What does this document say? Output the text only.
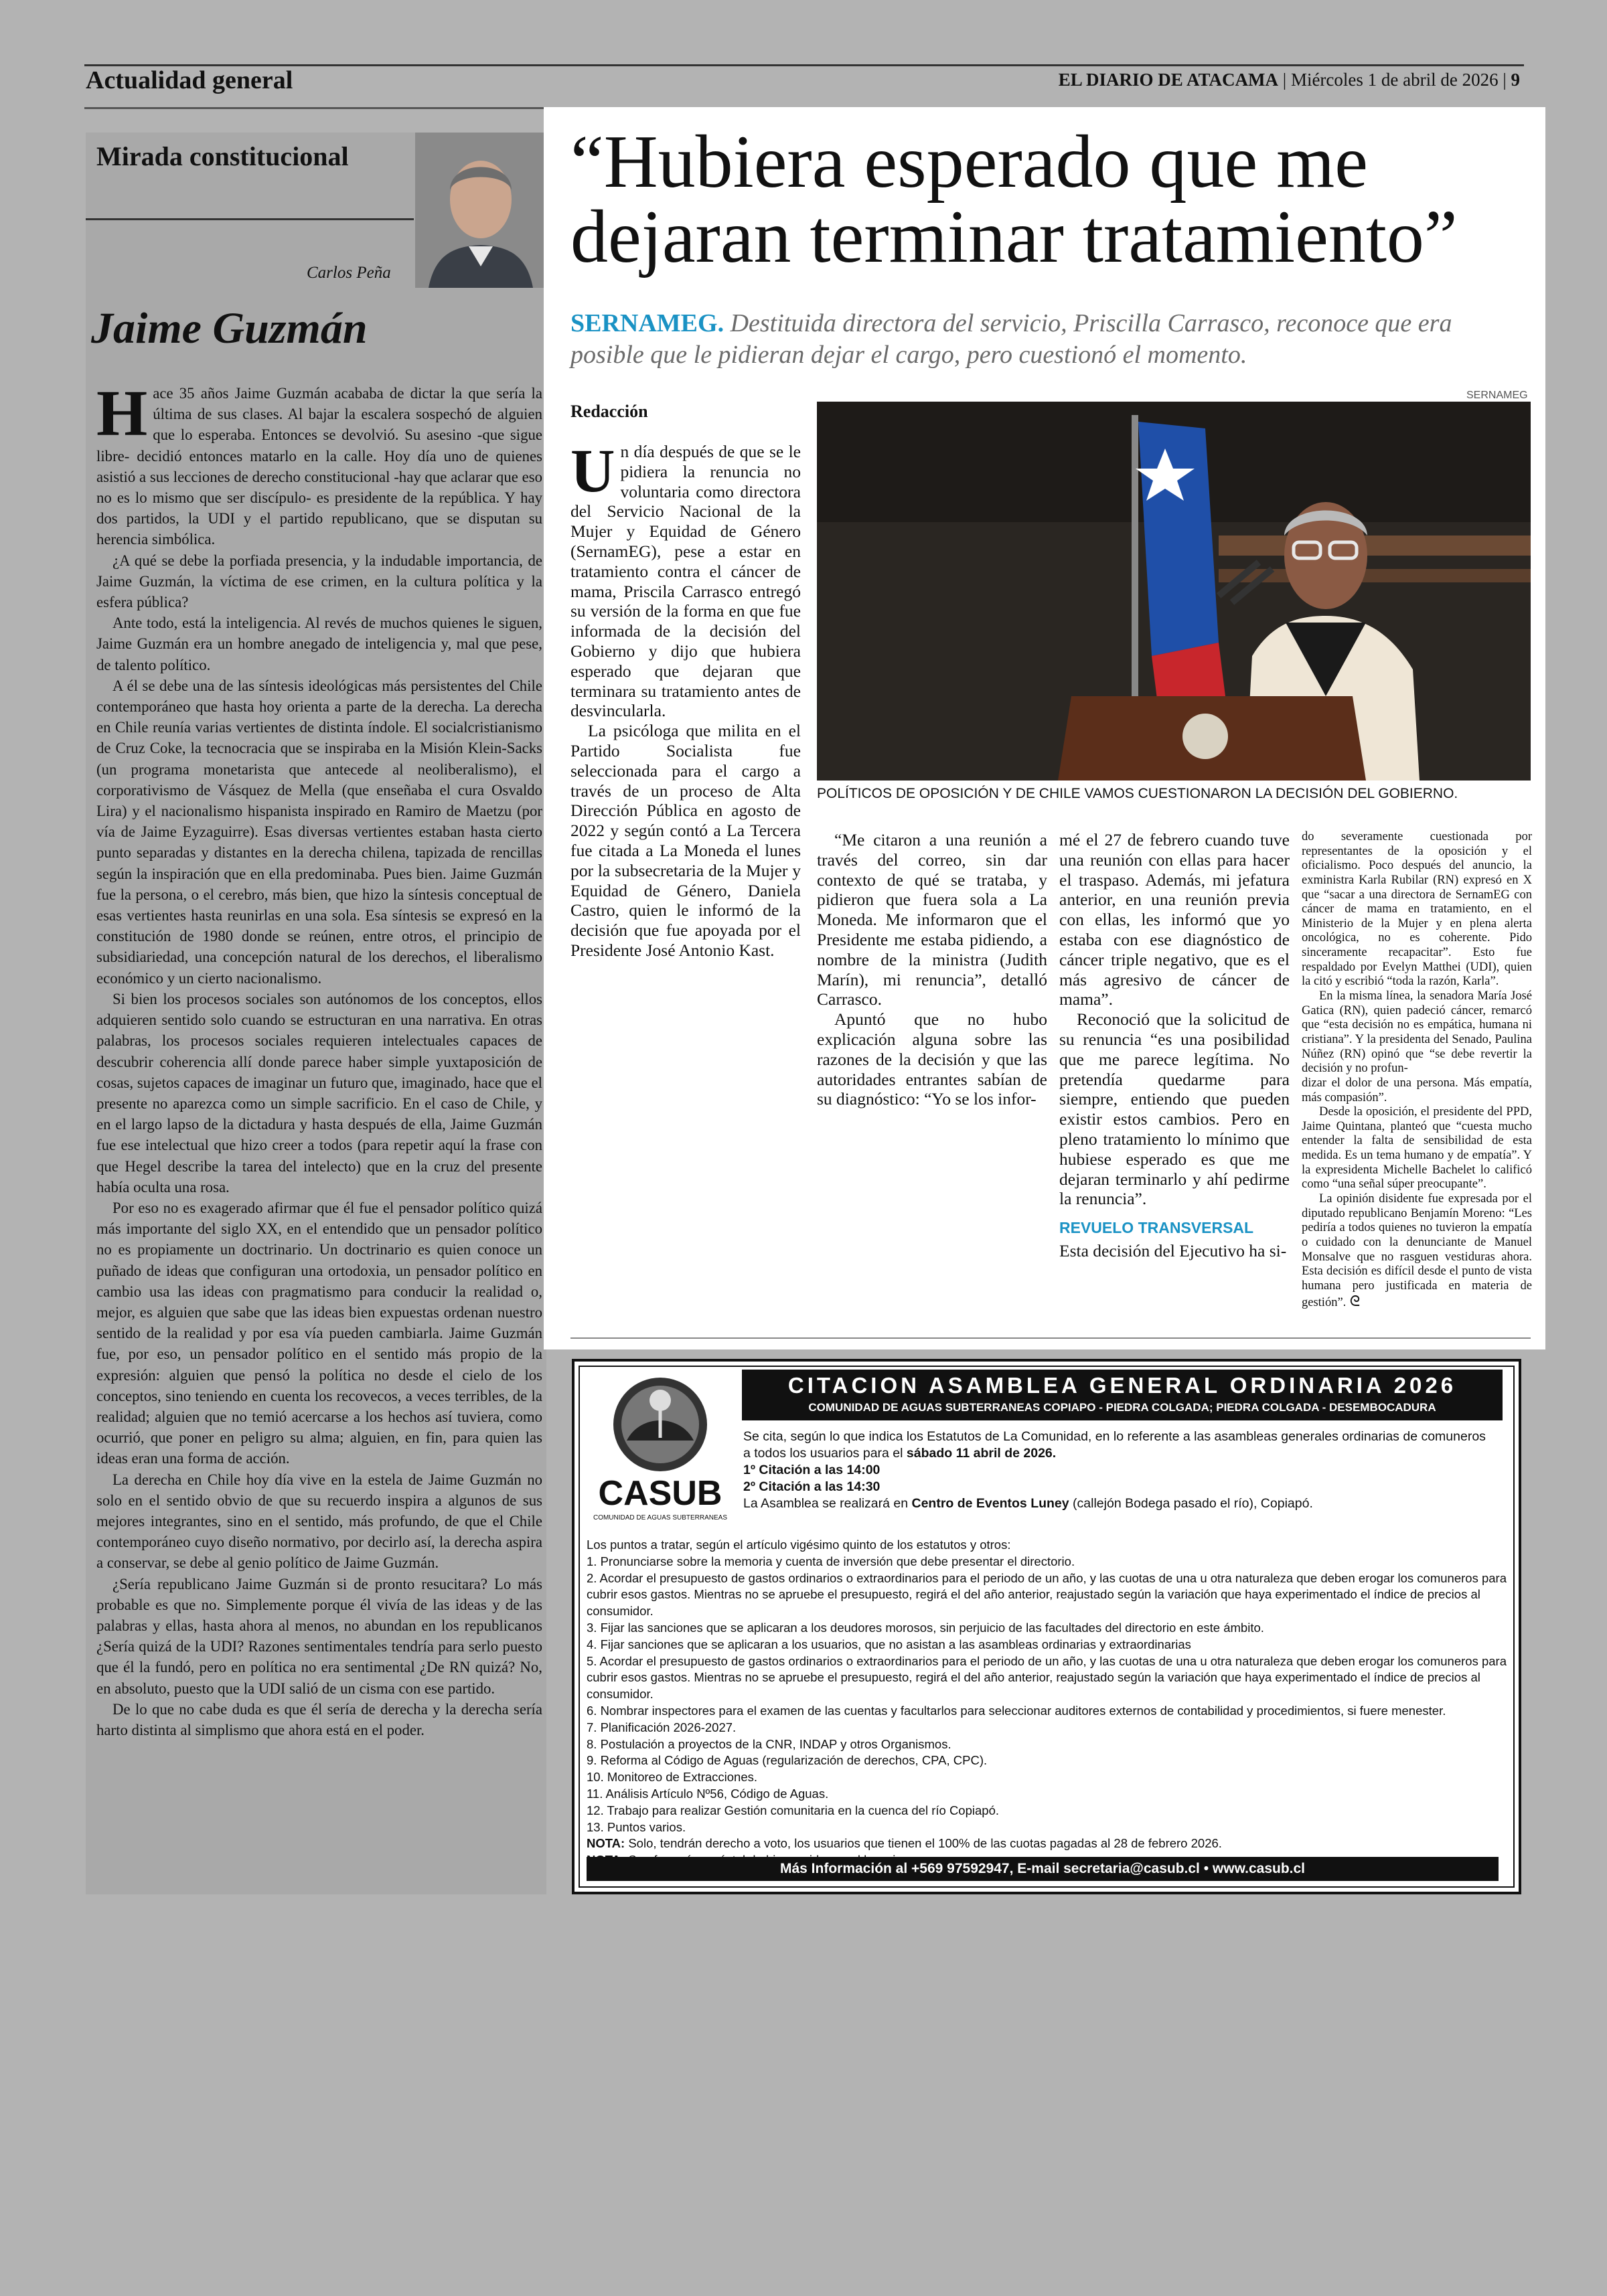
Actualidad general	EL DIARIO DE ATACAMA | Miércoles 1 de abril de 2026 | 9
Mirada constitucional
Carlos Peña
Jaime Guzmán

Hace 35 años Jaime Guzmán acababa de dictar la que sería la última de sus clases. Al bajar la escalera sospechó de alguien que lo esperaba. Entonces se devolvió. Su asesino -que sigue libre- decidió entonces matarlo en la calle. Hoy día uno de quienes asistió a sus lecciones de derecho constitucional -hay que aclarar que eso no es lo mismo que ser discípulo- es presidente de la república. Y hay dos partidos, la UDI y el partido republicano, que se disputan su herencia simbólica.

¿A qué se debe la porfiada presencia, y la indudable importancia, de Jaime Guzmán, la víctima de ese crimen, en la cultura política y la esfera pública?

Ante todo, está la inteligencia. Al revés de muchos quienes le siguen, Jaime Guzmán era un hombre anegado de inteligencia y, mal que pese, de talento político.

A él se debe una de las síntesis ideológicas más persistentes del Chile contemporáneo que hasta hoy orienta a parte de la derecha. La derecha en Chile reunía varias vertientes de distinta índole. El socialcristianismo de Cruz Coke, la tecnocracia que se inspiraba en la Misión Klein-Sacks (un programa monetarista que antecede al neoliberalismo), el corporativismo de Vásquez de Mella (que enseñaba el cura Osvaldo Lira) y el nacionalismo hispanista inspirado en Ramiro de Maetzu (por vía de Jaime Eyzaguirre). Esas diversas vertientes estaban hasta cierto punto separadas y distantes en la derecha chilena, tapizada de rencillas según la inspiración que en ella predominaba. Pues bien. Jaime Guzmán fue la persona, o el cerebro, más bien, que hizo la síntesis conceptual de esas vertientes hasta reunirlas en una sola. Esa síntesis se expresó en la constitución de 1980 donde se reúnen, entre otros, el principio de subsidiariedad, una concepción natural de los derechos, el liberalismo económico y un cierto nacionalismo.

Si bien los procesos sociales son autónomos de los conceptos, ellos adquieren sentido solo cuando se estructuran en una narrativa. En otras palabras, los procesos sociales requieren intelectuales capaces de descubrir coherencia allí donde parece haber simple yuxtaposición de cosas, sujetos capaces de imaginar un futuro que, imaginado, hace que el presente no aparezca como un simple sacrificio. En el caso de Chile, y en el largo lapso de la dictadura y hasta después de ella, Jaime Guzmán fue ese intelectual que hizo creer a todos (para repetir aquí la frase con que Hegel describe la tarea del intelecto) que en la cruz del presente había oculta una rosa.

Por eso no es exagerado afirmar que él fue el pensador político quizá más importante del siglo XX, en el entendido que un pensador político no es propiamente un doctrinario. Un doctrinario es quien conoce un puñado de ideas que configuran una ortodoxia, un pensador político en cambio usa las ideas con pragmatismo para conducir la realidad o, mejor, es alguien que sabe que las ideas bien expuestas ordenan nuestro sentido de la realidad y por esa vía pueden cambiarla. Jaime Guzmán fue, por eso, un pensador político en el sentido más propio de la expresión: alguien que pensó la política no desde el cielo de los conceptos, sino teniendo en cuenta los recovecos, a veces terribles, de la realidad; alguien que no temió acercarse a los hechos así tuviera, como ocurrió, que poner en peligro su alma; alguien, en fin, para quien las ideas eran una forma de acción.

La derecha en Chile hoy día vive en la estela de Jaime Guzmán no solo en el sentido obvio de que su recuerdo inspira a algunos de sus mejores integrantes, sino en el sentido, más profundo, de que el Chile contemporáneo cuyo diseño normativo, por decirlo así, la derecha aspira a conservar, se debe al genio político de Jaime Guzmán.

¿Sería republicano Jaime Guzmán si de pronto resucitara? Lo más probable es que no. Simplemente porque él vivía de las ideas y de las palabras y ellas, hasta ahora al menos, no abundan en los republicanos ¿Sería quizá de la UDI? Razones sentimentales tendría para serlo puesto que él la fundó, pero en política no era sentimental ¿De RN quizá? No, en absoluto, puesto que la UDI salió de un cisma con ese partido.

De lo que no cabe duda es que él sería de derecha y la derecha sería harto distinta al simplismo que ahora está en el poder.

“Hubiera esperado que me dejaran terminar tratamiento”
SERNAMEG. Destituida directora del servicio, Priscilla Carrasco, reconoce que era posible que le pidieran dejar el cargo, pero cuestionó el momento.
Redacción
SERNAMEG
POLÍTICOS DE OPOSICIÓN Y DE CHILE VAMOS CUESTIONARON LA DECISIÓN DEL GOBIERNO.

Un día después de que se le pidiera la renuncia no voluntaria como directora del Servicio Nacional de la Mujer y Equidad de Género (SernamEG), pese a estar en tratamiento contra el cáncer de mama, Priscila Carrasco entregó su versión de la forma en que fue informada de la decisión del Gobierno y dijo que hubiera esperado que dejaran que terminara su tratamiento antes de desvincularla.

La psicóloga que milita en el Partido Socialista fue seleccionada para el cargo a través de un proceso de Alta Dirección Pública en agosto de 2022 y según contó a La Tercera fue citada a La Moneda el lunes por la subsecretaria de la Mujer y Equidad de Género, Daniela Castro, quien le informó de la decisión que fue apoyada por el Presidente José Antonio Kast.

“Me citaron a una reunión a través del correo, sin dar contexto de qué se trataba, y pidieron que fuera sola a La Moneda. Me informaron que el Presidente me estaba pidiendo, a nombre de la ministra (Judith Marín), mi renuncia”, detalló Carrasco.

Apuntó que no hubo explicación alguna sobre las razones de la decisión y que las autoridades entrantes sabían de su diagnóstico: “Yo se los infor-

mé el 27 de febrero cuando tuve una reunión con ellas para hacer el traspaso. Además, mi jefatura anterior, en una reunión previa con ellas, les informó que yo estaba con ese diagnóstico de cáncer triple negativo, que es el más agresivo de cáncer de mama”.

Reconoció que la solicitud de su renuncia “es una posibilidad que me parece legítima. No pretendía quedarme para siempre, entiendo que pueden existir estos cambios. Pero en pleno tratamiento lo mínimo que hubiese esperado es que me dejaran terminarlo y ahí pedirme la renuncia”.

REVUELO TRANSVERSAL

Esta decisión del Ejecutivo ha si-

do severamente cuestionada por representantes de la oposición y el oficialismo. Poco después del anuncio, la exministra Karla Rubilar (RN) expresó en X que “sacar a una directora de SernamEG con cáncer de mama en tratamiento, en el Ministerio de la Mujer y en plena alerta oncológica, no es coherente. Pido sinceramente recapacitar”. Esto fue respaldado por Evelyn Matthei (UDI), quien la citó y escribió “toda la razón, Karla”.

En la misma línea, la senadora María José Gatica (RN), quien padeció cáncer, remarcó que “esta decisión no es empática, humana ni cristiana”. Y la presidenta del Senado, Paulina Núñez (RN) opinó que “se debe revertir la decisión y no profun-

dizar el dolor de una persona. Más empatía, más compasión”.

Desde la oposición, el presidente del PPD, Jaime Quintana, planteó que “cuesta mucho entender la falta de sensibilidad de esta medida. Es un tema humano y de empatía”. Y la expresidenta Michelle Bachelet lo calificó como “una señal súper preocupante”.

La opinión disidente fue expresada por el diputado republicano Benjamín Moreno: “Les pediría a todos quienes no tuvieron la empatía o cuidado con la denunciante de Manuel Monsalve que no rasguen vestiduras ahora. Esta decisión es difícil desde el punto de vista humana pero justificada en materia de gestión”. ᘓ

CASUB
COMUNIDAD DE AGUAS SUBTERRANEAS
CITACION ASAMBLEA GENERAL ORDINARIA 2026
COMUNIDAD DE AGUAS SUBTERRANEAS COPIAPO - PIEDRA COLGADA; PIEDRA COLGADA - DESEMBOCADURA
Se cita, según lo que indica los Estatutos de La Comunidad, en lo referente a las asambleas generales ordinarias de comuneros
a todos los usuarios para el sábado 11 abril de 2026.
1º Citación a las 14:00
2º Citación a las 14:30
La Asamblea se realizará en Centro de Eventos Luney (callejón Bodega pasado el río), Copiapó.
Los puntos a tratar, según el artículo vigésimo quinto de los estatutos y otros:
1. Pronunciarse sobre la memoria y cuenta de inversión que debe presentar el directorio.
2. Acordar el presupuesto de gastos ordinarios o extraordinarios para el periodo de un año, y las cuotas de una u otra naturaleza que deben erogar los comuneros para cubrir esos gastos. Mientras no se apruebe el presupuesto, regirá el del año anterior, reajustado según la variación que haya experimentado el índice de precios al consumidor.
3. Fijar las sanciones que se aplicaran a los deudores morosos, sin perjuicio de las facultades del directorio en este ámbito.
4. Fijar sanciones que se aplicaran a los usuarios, que no asistan a las asambleas ordinarias y extraordinarias
5. Acordar el presupuesto de gastos ordinarios o extraordinarios para el periodo de un año, y las cuotas de una u otra naturaleza que deben erogar los comuneros para cubrir esos gastos. Mientras no se apruebe el presupuesto, regirá el del año anterior, reajustado según la variación que haya experimentado el índice de precios al consumidor.
6. Nombrar inspectores para el examen de las cuentas y facultarlos para seleccionar auditores externos de contabilidad y procedimientos, si fuere menester.
7. Planificación 2026-2027.
8. Postulación a proyectos de la CNR, INDAP y otros Organismos.
9. Reforma al Código de Aguas (regularización de derechos, CPA, CPC).
10. Monitoreo de Extracciones.
11. Análisis Artículo Nº56, Código de Aguas.
12. Trabajo para realizar Gestión comunitaria en la cuenca del río Copiapó.
13. Puntos varios.
NOTA: Solo, tendrán derecho a voto, los usuarios que tienen el 100% de las cuotas pagadas al 28 de febrero 2026.
Más Información al +569 97592947, E-mail secretaria@casub.cl • www.casub.cl
